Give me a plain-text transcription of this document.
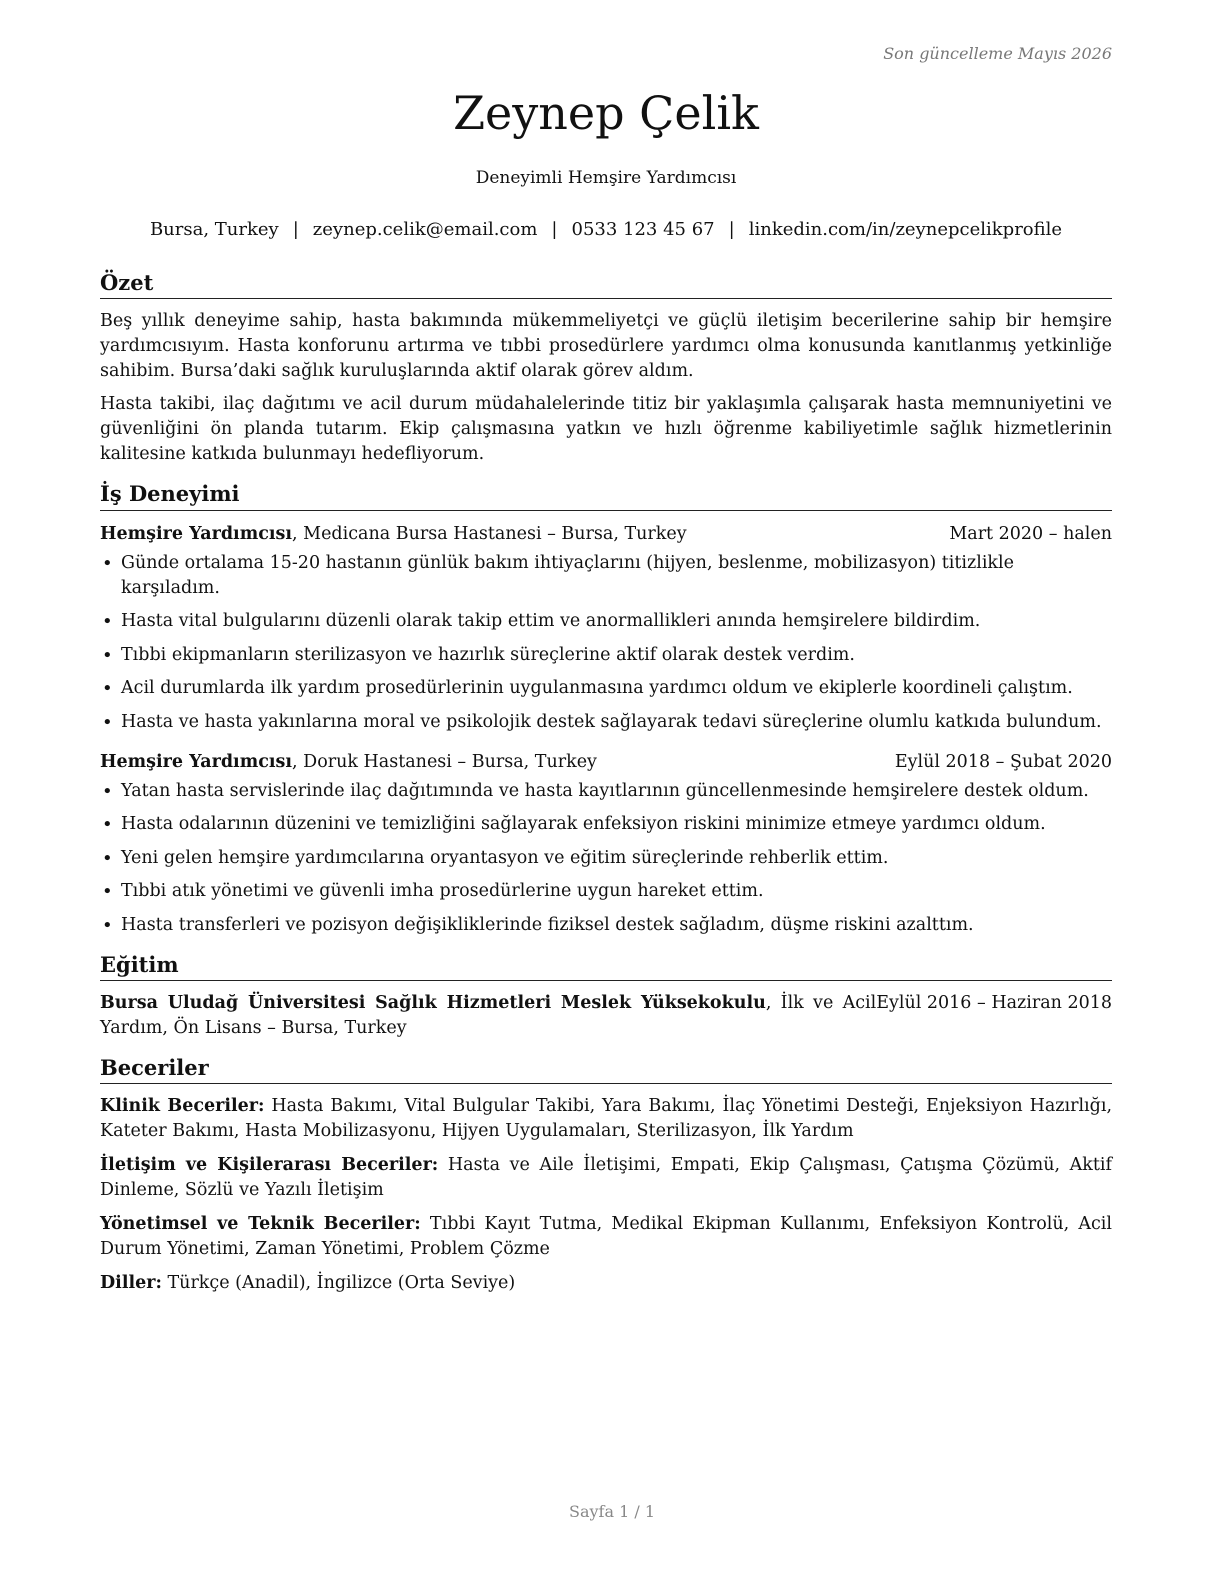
Son güncelleme Mayıs 2026
Zeynep Çelik
Deneyimli Hemşire Yardımcısı
Bursa, Turkey | zeynep.celik@email.com | 0533 123 45 67 | linkedin.com/in/zeynepcelikprofile
Özet

Beş yıllık deneyime sahip, hasta bakımında mükemmeliyetçi ve güçlü iletişim becerilerine sahip bir hemşire yardımcısıyım. Hasta konforunu artırma ve tıbbi prosedürlere yardımcı olma konusunda kanıtlanmış yetkinliğe sahibim. Bursa’daki sağlık kuruluşlarında aktif olarak görev aldım.

Hasta takibi, ilaç dağıtımı ve acil durum müdahalelerinde titiz bir yaklaşımla çalışarak hasta memnuniyetini ve güvenliğini ön planda tutarım. Ekip çalışmasına yatkın ve hızlı öğrenme kabiliyetimle sağlık hizmetlerinin kalitesine katkıda bulunmayı hedefliyorum.

İş Deneyimi
Hemşire Yardımcısı, Medicana Bursa Hastanesi – Bursa, Turkey	Mart 2020 – halen
• Günde ortalama 15-20 hastanın günlük bakım ihtiyaçlarını (hijyen, beslenme, mobilizasyon) titizlikle karşıladım.
• Hasta vital bulgularını düzenli olarak takip ettim ve anormallikleri anında hemşirelere bildirdim.
• Tıbbi ekipmanların sterilizasyon ve hazırlık süreçlerine aktif olarak destek verdim.
• Acil durumlarda ilk yardım prosedürlerinin uygulanmasına yardımcı oldum ve ekiplerle koordineli çalıştım.
• Hasta ve hasta yakınlarına moral ve psikolojik destek sağlayarak tedavi süreçlerine olumlu katkıda bulundum.
Hemşire Yardımcısı, Doruk Hastanesi – Bursa, Turkey	Eylül 2018 – Şubat 2020
• Yatan hasta servislerinde ilaç dağıtımında ve hasta kayıtlarının güncellenmesinde hemşirelere destek oldum.
• Hasta odalarının düzenini ve temizliğini sağlayarak enfeksiyon riskini minimize etmeye yardımcı oldum.
• Yeni gelen hemşire yardımcılarına oryantasyon ve eğitim süreçlerinde rehberlik ettim.
• Tıbbi atık yönetimi ve güvenli imha prosedürlerine uygun hareket ettim.
• Hasta transferleri ve pozisyon değişikliklerinde fiziksel destek sağladım, düşme riskini azalttım.
Eğitim
Bursa Uludağ Üniversitesi Sağlık Hizmetleri Meslek Yüksekokulu, İlk ve Acil Yardım, Ön Lisans – Bursa, Turkey
Eylül 2016 – Haziran 2018
Beceriler

Klinik Beceriler: Hasta Bakımı, Vital Bulgular Takibi, Yara Bakımı, İlaç Yönetimi Desteği, Enjeksiyon Hazırlığı, Kateter Bakımı, Hasta Mobilizasyonu, Hijyen Uygulamaları, Sterilizasyon, İlk Yardım

İletişim ve Kişilerarası Beceriler: Hasta ve Aile İletişimi, Empati, Ekip Çalışması, Çatışma Çözümü, Aktif Dinleme, Sözlü ve Yazılı İletişim

Yönetimsel ve Teknik Beceriler: Tıbbi Kayıt Tutma, Medikal Ekipman Kullanımı, Enfeksiyon Kontrolü, Acil Durum Yönetimi, Zaman Yönetimi, Problem Çözme

Diller: Türkçe (Anadil), İngilizce (Orta Seviye)

Sayfa 1 / 1
